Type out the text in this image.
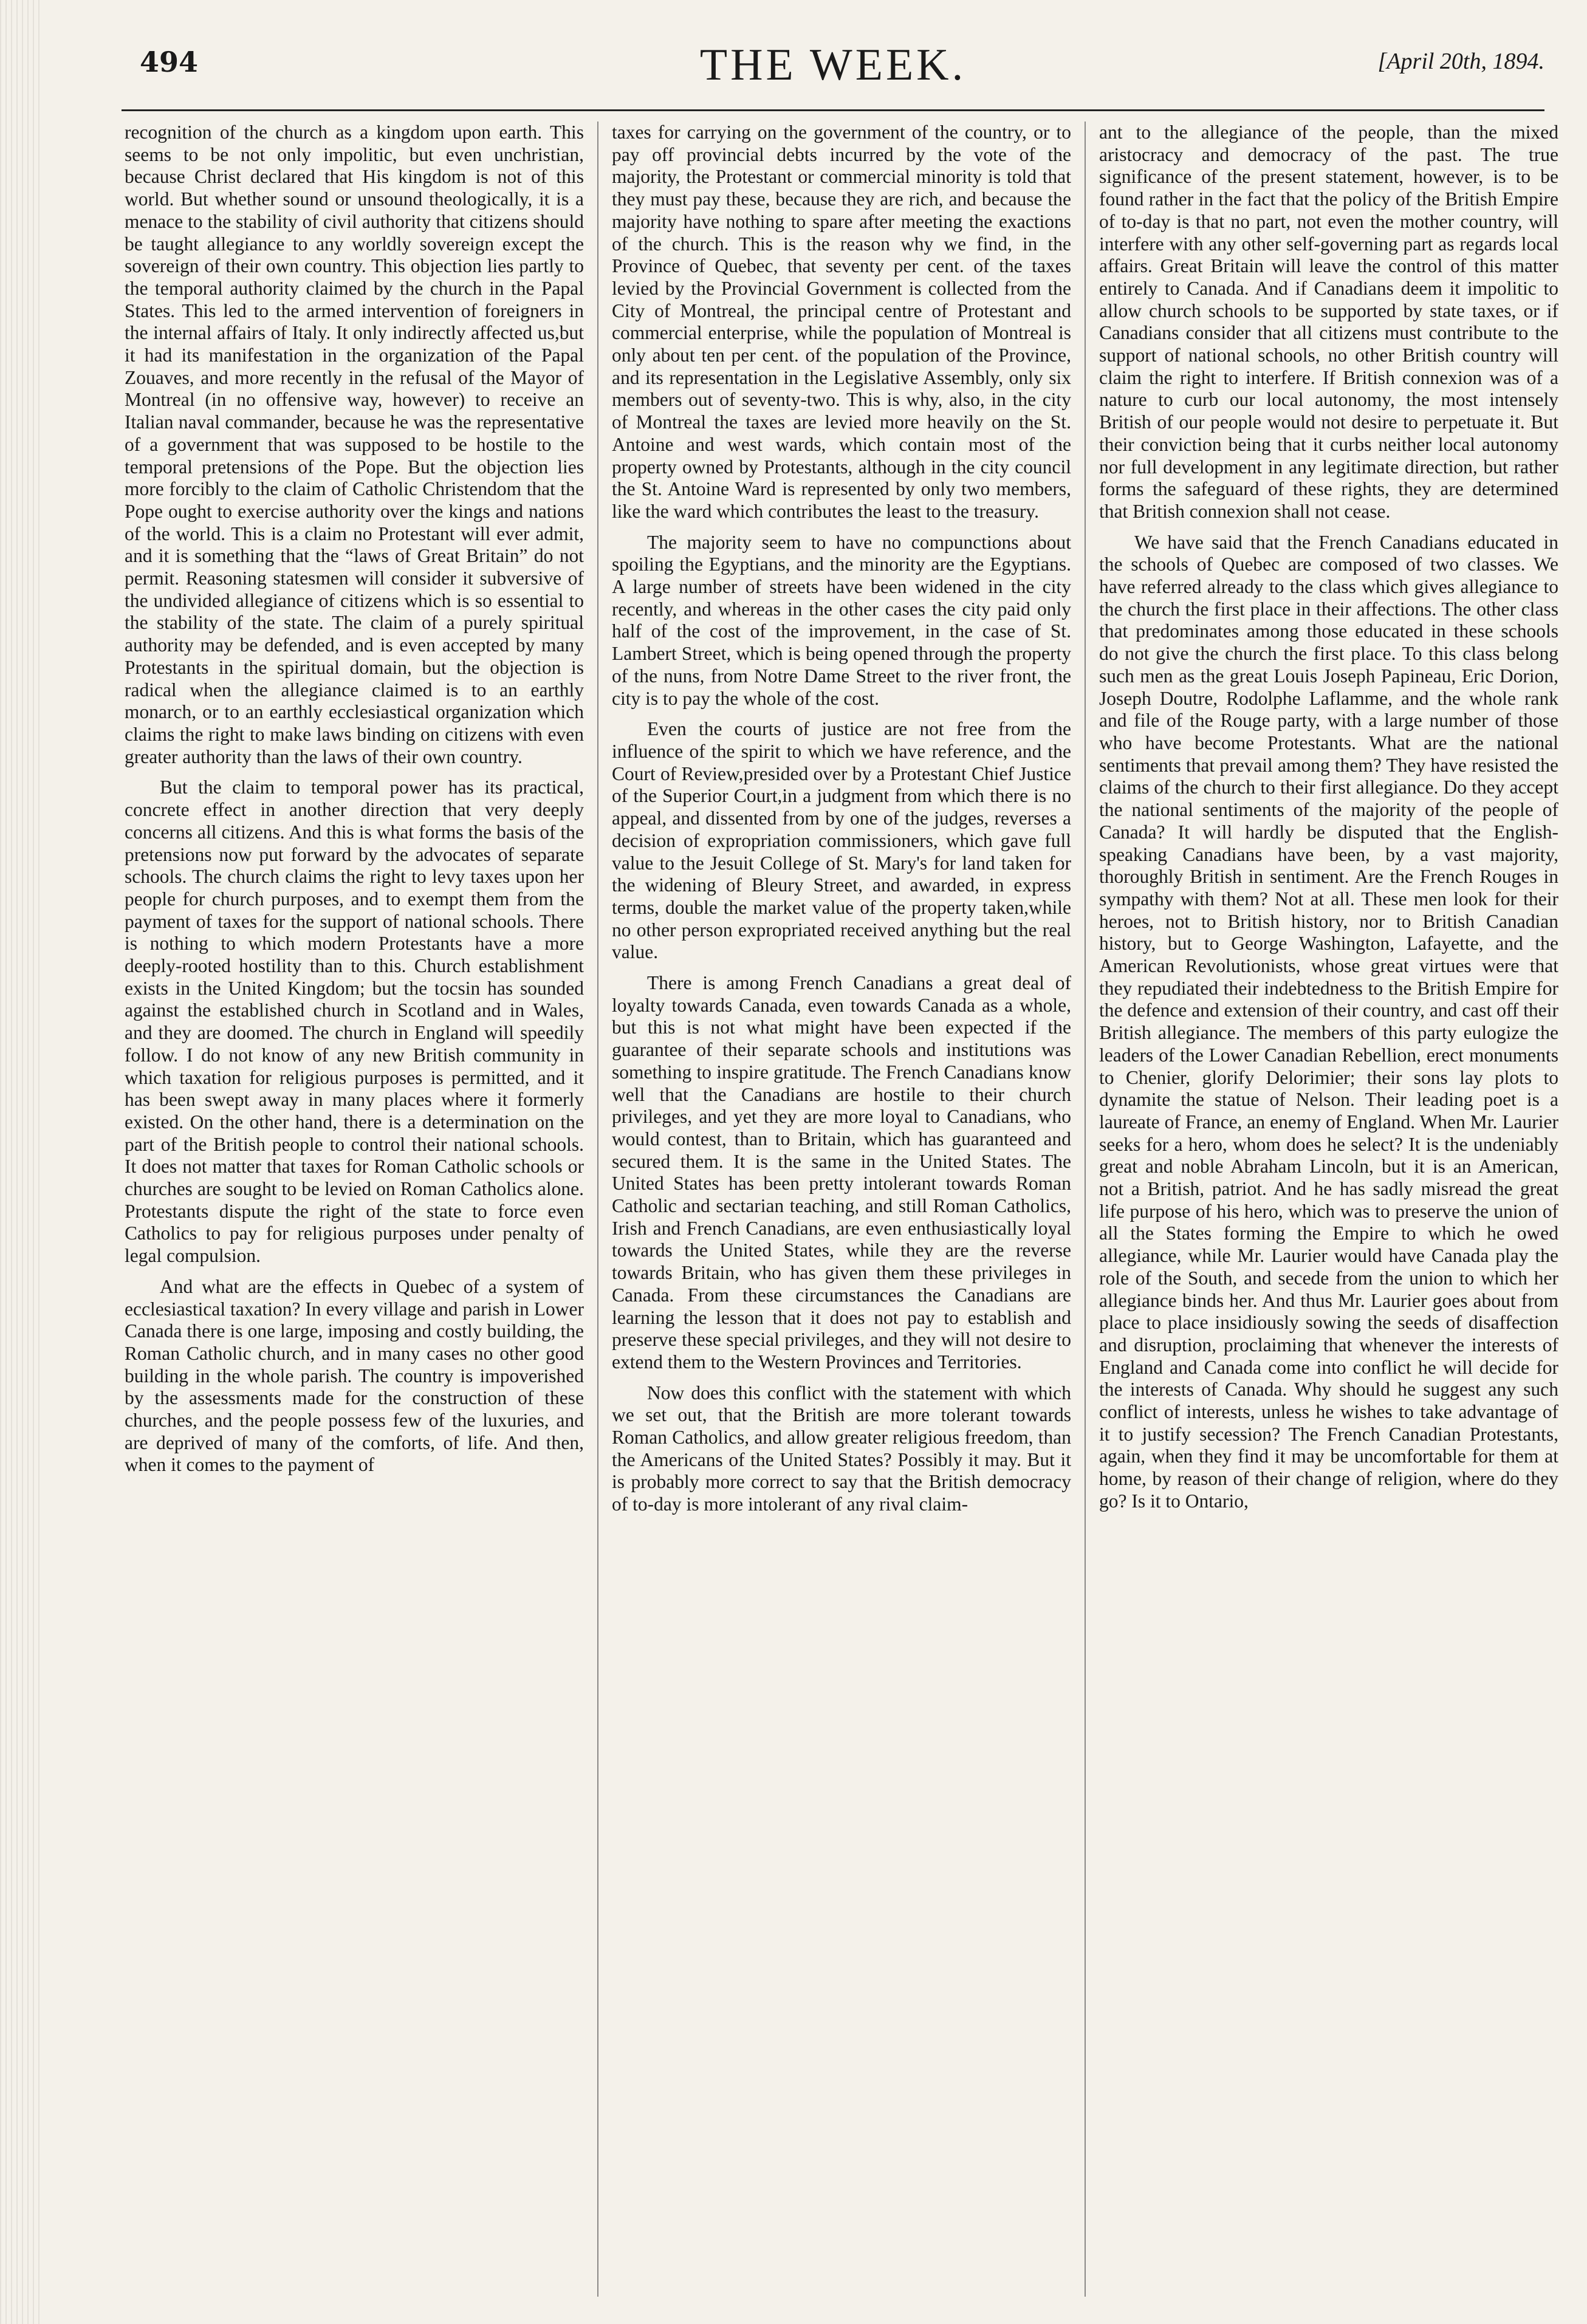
494	THE WEEK.	[April 20th, 1894.

recognition of the church as a kingdom upon earth. This seems to be not only impolitic, but even unchristian, because Christ declared that His kingdom is not of this world. But whether sound or unsound theologically, it is a menace to the stability of civil authority that citizens should be taught allegiance to any worldly sovereign except the sovereign of their own country. This objection lies partly to the temporal authority claimed by the church in the Papal States. This led to the armed intervention of foreigners in the internal affairs of Italy. It only indirectly affected us,but it had its manifestation in the organization of the Papal Zouaves, and more recently in the refusal of the Mayor of Montreal (in no offensive way, however) to receive an Italian naval commander, because he was the representative of a government that was supposed to be hostile to the temporal pretensions of the Pope. But the objection lies more forcibly to the claim of Catholic Christendom that the Pope ought to exercise authority over the kings and nations of the world. This is a claim no Protestant will ever admit, and it is something that the “laws of Great Britain” do not permit. Reasoning statesmen will consider it subversive of the undivided allegiance of citizens which is so essential to the stability of the state. The claim of a purely spiritual authority may be defended, and is even accepted by many Protestants in the spiritual domain, but the objection is radical when the allegiance claimed is to an earthly monarch, or to an earthly ecclesiastical organization which claims the right to make laws binding on citizens with even greater authority than the laws of their own country.

But the claim to temporal power has its practical, concrete effect in another direction that very deeply concerns all citizens. And this is what forms the basis of the pretensions now put forward by the advocates of separate schools. The church claims the right to levy taxes upon her people for church purposes, and to exempt them from the payment of taxes for the support of national schools. There is nothing to which modern Protestants have a more deeply-rooted hostility than to this. Church establishment exists in the United Kingdom; but the tocsin has sounded against the established church in Scotland and in Wales, and they are doomed. The church in England will speedily follow. I do not know of any new British community in which taxation for religious purposes is permitted, and it has been swept away in many places where it formerly existed. On the other hand, there is a determination on the part of the British people to control their national schools. It does not matter that taxes for Roman Catholic schools or churches are sought to be levied on Roman Catholics alone. Protestants dispute the right of the state to force even Catholics to pay for religious purposes under penalty of legal compulsion.

And what are the effects in Quebec of a system of ecclesiastical taxation? In every village and parish in Lower Canada there is one large, imposing and costly building, the Roman Catholic church, and in many cases no other good building in the whole parish. The country is impoverished by the assessments made for the construction of these churches, and the people possess few of the luxuries, and are deprived of many of the comforts, of life. And then, when it comes to the payment of

taxes for carrying on the government of the country, or to pay off provincial debts incurred by the vote of the majority, the Protestant or commercial minority is told that they must pay these, because they are rich, and because the majority have nothing to spare after meeting the exactions of the church. This is the reason why we find, in the Province of Quebec, that seventy per cent. of the taxes levied by the Provincial Government is collected from the City of Montreal, the principal centre of Protestant and commercial enterprise, while the population of Montreal is only about ten per cent. of the population of the Province, and its representation in the Legislative Assembly, only six members out of seventy-two. This is why, also, in the city of Montreal the taxes are levied more heavily on the St. Antoine and west wards, which contain most of the property owned by Protestants, although in the city council the St. Antoine Ward is represented by only two members, like the ward which contributes the least to the treasury.

The majority seem to have no compunctions about spoiling the Egyptians, and the minority are the Egyptians. A large number of streets have been widened in the city recently, and whereas in the other cases the city paid only half of the cost of the improvement, in the case of St. Lambert Street, which is being opened through the property of the nuns, from Notre Dame Street to the river front, the city is to pay the whole of the cost.

Even the courts of justice are not free from the influence of the spirit to which we have reference, and the Court of Review,presided over by a Protestant Chief Justice of the Superior Court,in a judgment from which there is no appeal, and dissented from by one of the judges, reverses a decision of expropriation commissioners, which gave full value to the Jesuit College of St. Mary's for land taken for the widening of Bleury Street, and awarded, in express terms, double the market value of the property taken,while no other person expropriated received anything but the real value.

There is among French Canadians a great deal of loyalty towards Canada, even towards Canada as a whole, but this is not what might have been expected if the guarantee of their separate schools and institutions was something to inspire gratitude. The French Canadians know well that the Canadians are hostile to their church privileges, and yet they are more loyal to Canadians, who would contest, than to Britain, which has guaranteed and secured them. It is the same in the United States. The United States has been pretty intolerant towards Roman Catholic and sectarian teaching, and still Roman Catholics, Irish and French Canadians, are even enthusiastically loyal towards the United States, while they are the reverse towards Britain, who has given them these privileges in Canada. From these circumstances the Canadians are learning the lesson that it does not pay to establish and preserve these special privileges, and they will not desire to extend them to the Western Provinces and Territories.

Now does this conflict with the statement with which we set out, that the British are more tolerant towards Roman Catholics, and allow greater religious freedom, than the Americans of the United States? Possibly it may. But it is probably more correct to say that the British democracy of to-day is more intolerant of any rival claim-

ant to the allegiance of the people, than the mixed aristocracy and democracy of the past. The true significance of the present statement, however, is to be found rather in the fact that the policy of the British Empire of to-day is that no part, not even the mother country, will interfere with any other self-governing part as regards local affairs. Great Britain will leave the control of this matter entirely to Canada. And if Canadians deem it impolitic to allow church schools to be supported by state taxes, or if Canadians consider that all citizens must contribute to the support of national schools, no other British country will claim the right to interfere. If British connexion was of a nature to curb our local autonomy, the most intensely British of our people would not desire to perpetuate it. But their conviction being that it curbs neither local autonomy nor full development in any legitimate direction, but rather forms the safeguard of these rights, they are determined that British connexion shall not cease.

We have said that the French Canadians educated in the schools of Quebec are composed of two classes. We have referred already to the class which gives allegiance to the church the first place in their affections. The other class that predominates among those educated in these schools do not give the church the first place. To this class belong such men as the great Louis Joseph Papineau, Eric Dorion, Joseph Doutre, Rodolphe Laflamme, and the whole rank and file of the Rouge party, with a large number of those who have become Protestants. What are the national sentiments that prevail among them? They have resisted the claims of the church to their first allegiance. Do they accept the national sentiments of the majority of the people of Canada? It will hardly be disputed that the English-speaking Canadians have been, by a vast majority, thoroughly British in sentiment. Are the French Rouges in sympathy with them? Not at all. These men look for their heroes, not to British history, nor to British Canadian history, but to George Washington, Lafayette, and the American Revolutionists, whose great virtues were that they repudiated their indebtedness to the British Empire for the defence and extension of their country, and cast off their British allegiance. The members of this party eulogize the leaders of the Lower Canadian Rebellion, erect monuments to Chenier, glorify Delorimier; their sons lay plots to dynamite the statue of Nelson. Their leading poet is a laureate of France, an enemy of England. When Mr. Laurier seeks for a hero, whom does he select? It is the undeniably great and noble Abraham Lincoln, but it is an American, not a British, patriot. And he has sadly misread the great life purpose of his hero, which was to preserve the union of all the States forming the Empire to which he owed allegiance, while Mr. Laurier would have Canada play the role of the South, and secede from the union to which her allegiance binds her. And thus Mr. Laurier goes about from place to place insidiously sowing the seeds of disaffection and disruption, proclaiming that whenever the interests of England and Canada come into conflict he will decide for the interests of Canada. Why should he suggest any such conflict of interests, unless he wishes to take advantage of it to justify secession? The French Canadian Protestants, again, when they find it may be uncomfortable for them at home, by reason of their change of religion, where do they go? Is it to Ontario,
